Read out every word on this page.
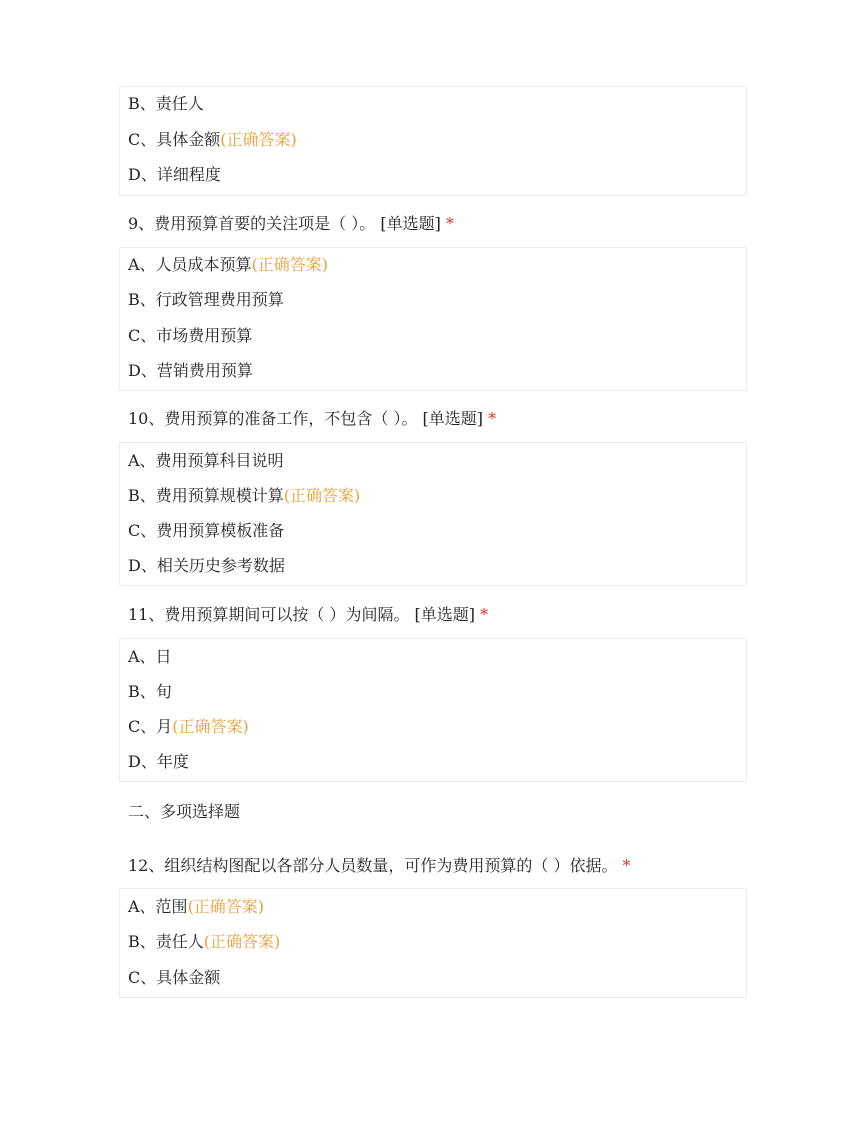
B、责任人
C、具体金额(正确答案)
D、详细程度
9、费用预算首要的关注项是（ ）。 [单选题] *
A、人员成本预算(正确答案)
B、行政管理费用预算
C、市场费用预算
D、营销费用预算
10、费用预算的准备工作，不包含（ ）。 [单选题] *
A、费用预算科目说明
B、费用预算规模计算(正确答案)
C、费用预算模板准备
D、相关历史参考数据
11、费用预算期间可以按（ ）为间隔。 [单选题] *
A、日
B、旬
C、月(正确答案)
D、年度
二、多项选择题
12、组织结构图配以各部分人员数量，可作为费用预算的（ ）依据。 *
A、范围(正确答案)
B、责任人(正确答案)
C、具体金额
